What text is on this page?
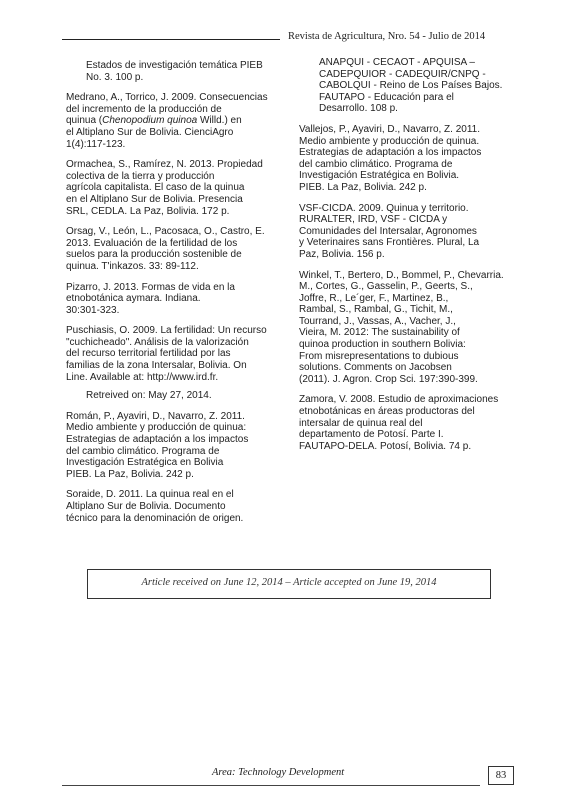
Revista de Agricultura, Nro. 54 - Julio de 2014
Estados de investigación temática PIEB
No. 3. 100 p.
Medrano, A., Torrico, J. 2009. Consecuencias
del incremento de la producción de
quinua (Chenopodium quinoa Willd.) en
el Altiplano Sur de Bolivia. CienciAgro
1(4):117-123.
Ormachea, S., Ramírez, N. 2013. Propiedad
colectiva de la tierra y producción
agrícola capitalista. El caso de la quinua
en el Altiplano Sur de Bolivia. Presencia
SRL, CEDLA. La Paz, Bolivia. 172 p.
Orsag, V., León, L., Pacosaca, O., Castro, E.
2013. Evaluación de la fertilidad de los
suelos para la producción sostenible de
quinua. T'inkazos. 33: 89-112.
Pizarro, J. 2013. Formas de vida en la
etnobotánica aymara. Indiana.
30:301-323.
Puschiasis, O. 2009. La fertilidad: Un recurso
"cuchicheado". Análisis de la valorización
del recurso territorial fertilidad por las
familias de la zona Intersalar, Bolivia. On
Line. Available at: http://www.ird.fr.
Retreived on: May 27, 2014.
Román, P., Ayaviri, D., Navarro, Z. 2011.
Medio ambiente y producción de quinua:
Estrategias de adaptación a los impactos
del cambio climático. Programa de
Investigación Estratégica en Bolivia
PIEB. La Paz, Bolivia. 242 p.
Soraide, D. 2011. La quinua real en el
Altiplano Sur de Bolivia. Documento
técnico para la denominación de origen.
ANAPQUI - CECAOT - APQUISA –
CADEPQUIOR - CADEQUIR/CNPQ -
CABOLQUI - Reino de Los Países Bajos.
FAUTAPO - Educación para el
Desarrollo. 108 p.
Vallejos, P., Ayaviri, D., Navarro, Z. 2011.
Medio ambiente y producción de quinua.
Estrategias de adaptación a los impactos
del cambio climático. Programa de
Investigación Estratégica en Bolivia.
PIEB. La Paz, Bolivia. 242 p.
VSF-CICDA. 2009. Quinua y territorio.
RURALTER, IRD, VSF - CICDA y
Comunidades del Intersalar, Agronomes
y Veterinaires sans Frontières. Plural, La
Paz, Bolivia. 156 p.
Winkel, T., Bertero, D., Bommel, P., Chevarria.
M., Cortes, G., Gasselin, P., Geerts, S.,
Joffre, R., Le´ger, F., Martinez, B.,
Rambal, S., Rambal, G., Tichit, M.,
Tourrand, J., Vassas, A., Vacher, J.,
Vieira, M. 2012: The sustainability of
quinoa production in southern Bolivia:
From misrepresentations to dubious
solutions. Comments on Jacobsen
(2011). J. Agron. Crop Sci. 197:390-399.
Zamora, V. 2008. Estudio de aproximaciones
etnobotánicas en áreas productoras del
intersalar de quinua real del
departamento de Potosí. Parte I.
FAUTAPO-DELA. Potosí, Bolivia. 74 p.
Article received on June 12, 2014 – Article accepted on June 19, 2014
Area: Technology Development	83
